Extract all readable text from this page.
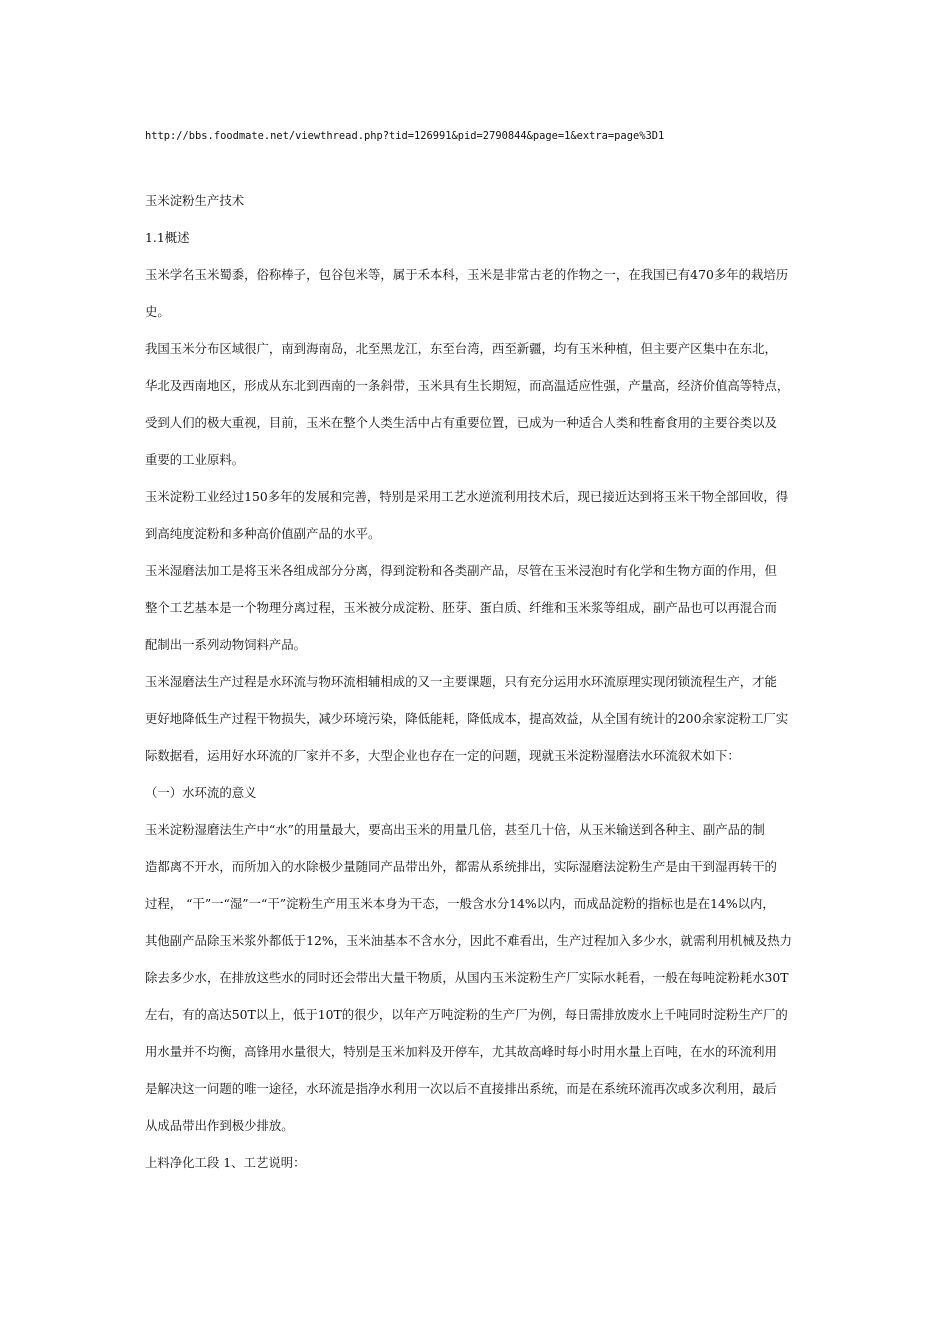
http://bbs.foodmate.net/viewthread.php?tid=126991&pid=2790844&page=1&extra=page%3D1
玉米淀粉生产技术
1.1概述
玉米学名玉米蜀黍，俗称棒子，包谷包米等，属于禾本科，玉米是非常古老的作物之一，在我国已有470多年的栽培历
史。
我国玉米分布区域很广，南到海南岛，北至黑龙江，东至台湾，西至新疆，均有玉米种植，但主要产区集中在东北，
华北及西南地区，形成从东北到西南的一条斜带，玉米具有生长期短，而高温适应性强，产量高，经济价值高等特点，
受到人们的极大重视，目前，玉米在整个人类生活中占有重要位置，已成为一种适合人类和牲畜食用的主要谷类以及
重要的工业原料。
玉米淀粉工业经过150多年的发展和完善，特别是采用工艺水逆流利用技术后，现已接近达到将玉米干物全部回收，得
到高纯度淀粉和多种高价值副产品的水平。
玉米湿磨法加工是将玉米各组成部分分离，得到淀粉和各类副产品，尽管在玉米浸泡时有化学和生物方面的作用，但
整个工艺基本是一个物理分离过程，玉米被分成淀粉、胚芽、蛋白质、纤维和玉米浆等组成，副产品也可以再混合而
配制出一系列动物饲料产品。
玉米湿磨法生产过程是水环流与物环流相辅相成的又一主要课题，只有充分运用水环流原理实现闭锁流程生产，才能
更好地降低生产过程干物损失，减少环境污染，降低能耗，降低成本，提高效益，从全国有统计的200余家淀粉工厂实
际数据看，运用好水环流的厂家并不多，大型企业也存在一定的问题，现就玉米淀粉湿磨法水环流叙术如下：
（一）水环流的意义
玉米淀粉湿磨法生产中“水”的用量最大，要高出玉米的用量几倍，甚至几十倍，从玉米输送到各种主、副产品的制
造都离不开水，而所加入的水除极少量随同产品带出外，都需从系统排出，实际湿磨法淀粉生产是由干到湿再转干的
过程， “干”一“湿”一“干”淀粉生产用玉米本身为干态，一般含水分14%以内，而成品淀粉的指标也是在14%以内，
其他副产品除玉米浆外都低于12%，玉米油基本不含水分，因此不难看出，生产过程加入多少水，就需利用机械及热力
除去多少水，在排放这些水的同时还会带出大量干物质，从国内玉米淀粉生产厂实际水耗看，一般在每吨淀粉耗水30T
左右，有的高达50T以上，低于10T的很少，以年产万吨淀粉的生产厂为例，每日需排放废水上千吨同时淀粉生产厂的
用水量并不均衡，高锋用水量很大，特别是玉米加料及开停车，尤其故高峰时每小时用水量上百吨，在水的环流利用
是解决这一问题的唯一途径，水环流是指净水利用一次以后不直接排出系统，而是在系统环流再次或多次利用，最后
从成品带出作到极少排放。
上料净化工段 1、工艺说明：
